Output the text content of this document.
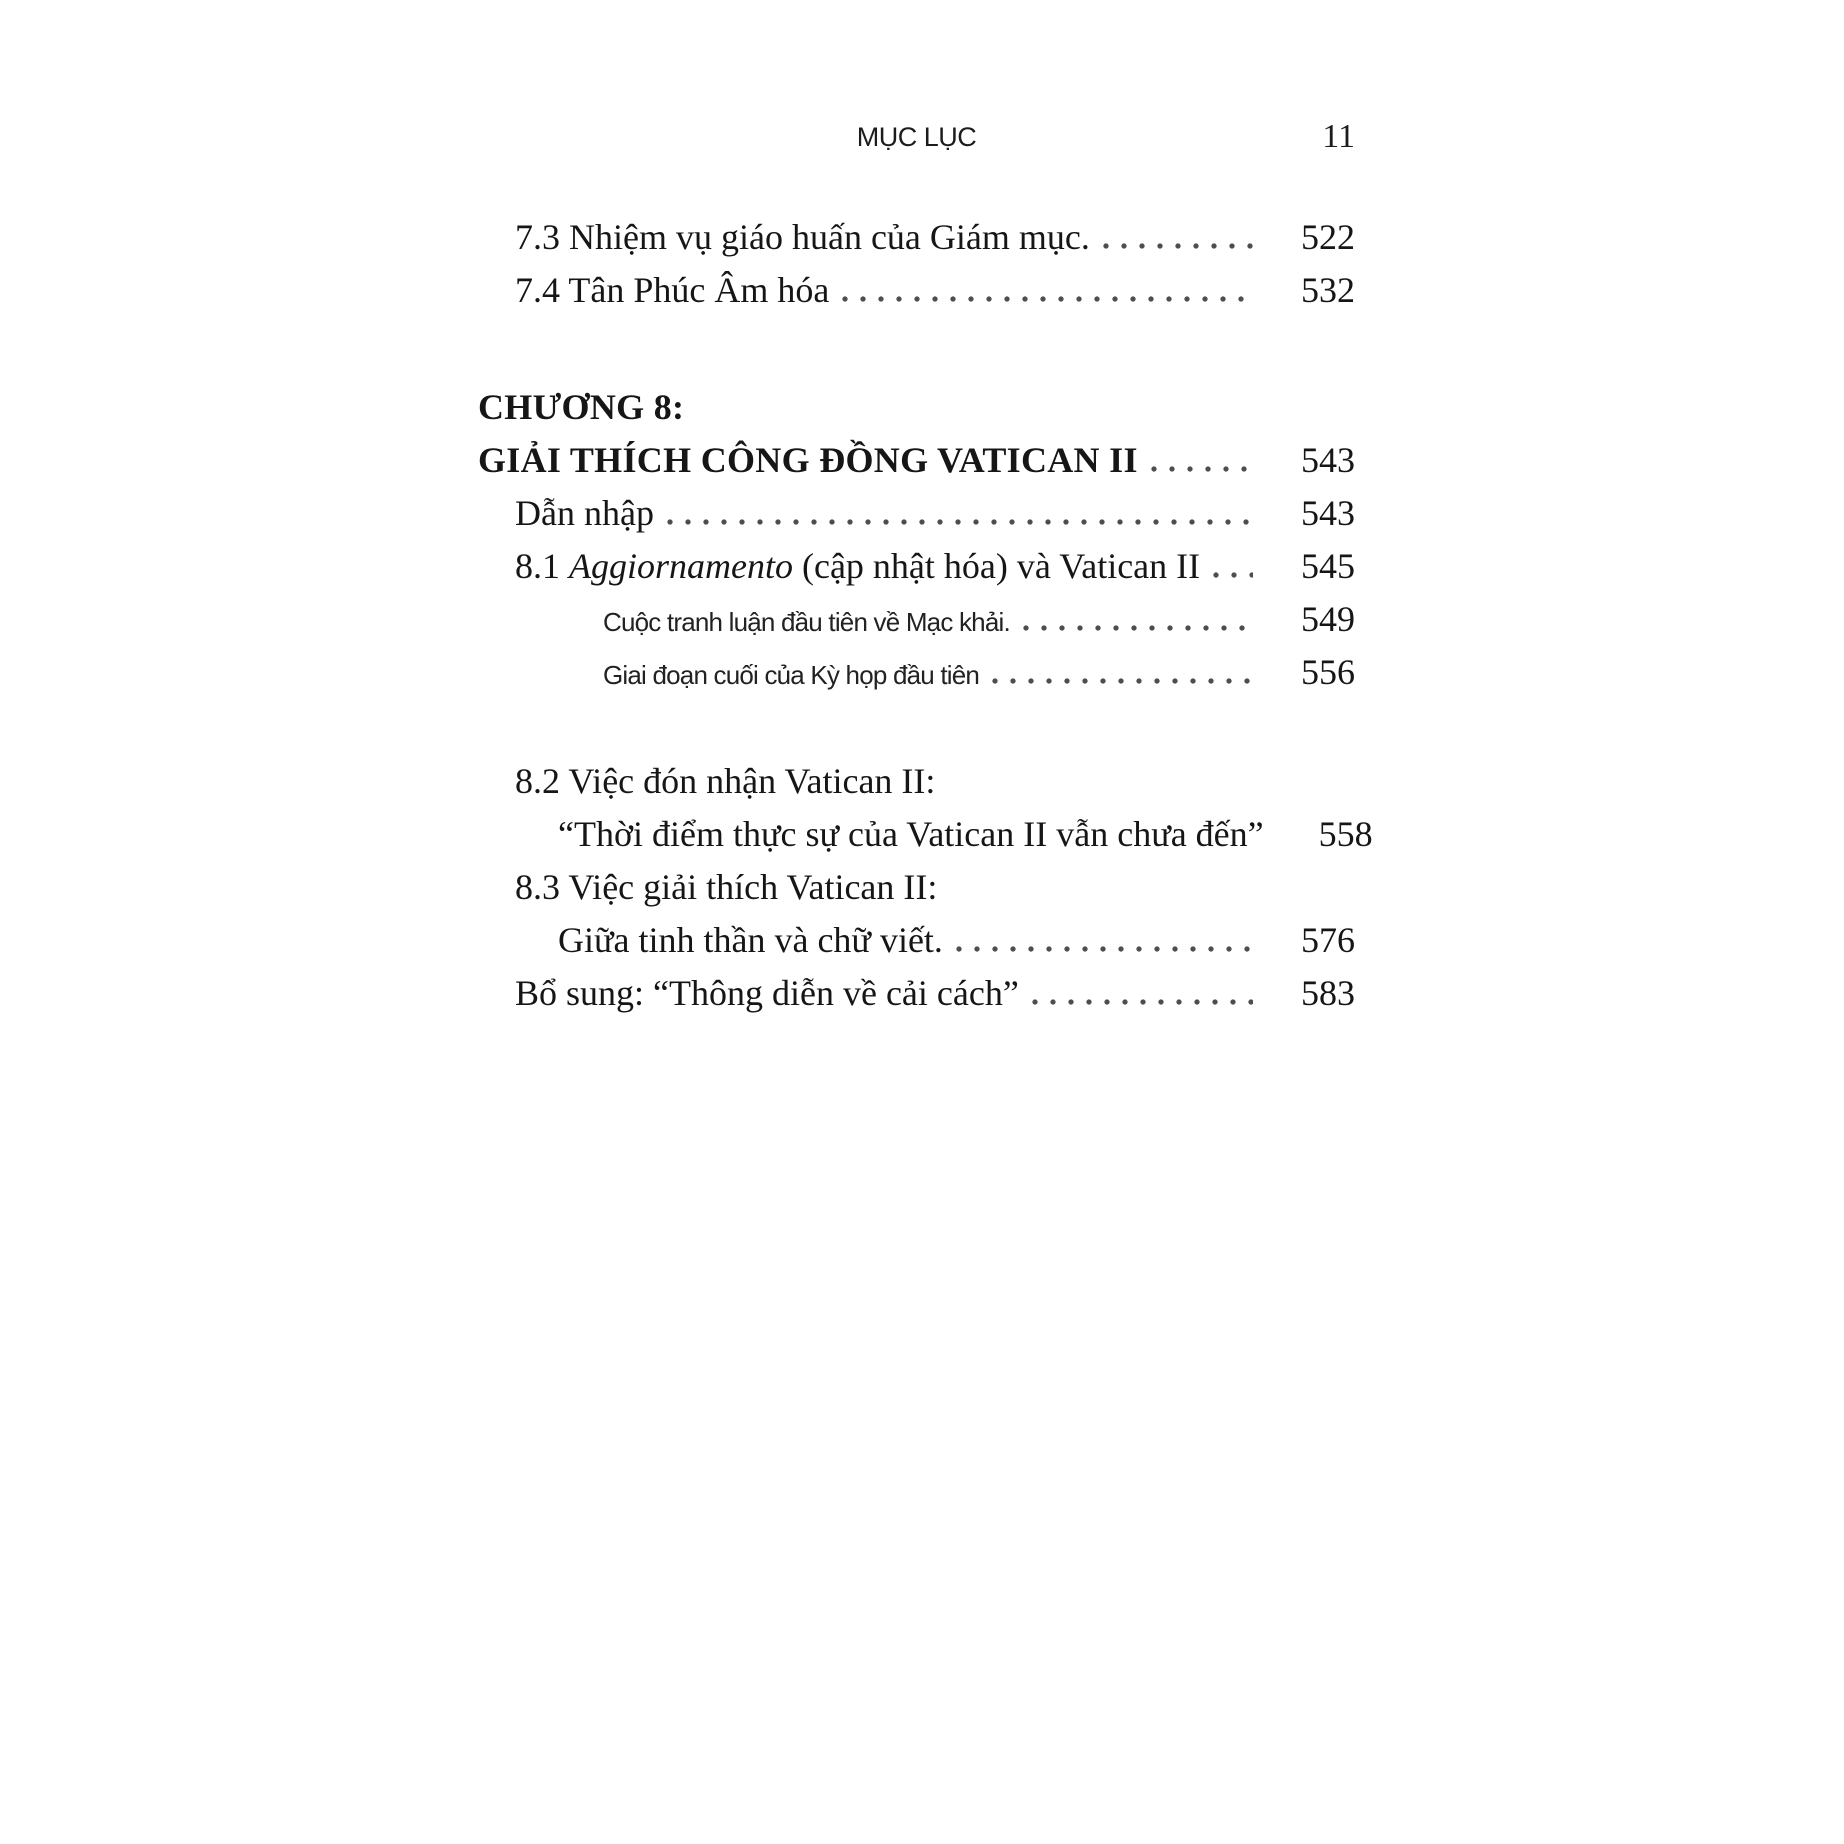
MỤC LỤC	11
7.3 Nhiệm vụ giáo huấn của Giám mục.	522
7.4 Tân Phúc Âm hóa	532
CHƯƠNG 8:
GIẢI THÍCH CÔNG ĐỒNG VATICAN II	543
Dẫn nhập	543
8.1 Aggiornamento (cập nhật hóa) và Vatican II	545
Cuộc tranh luận đầu tiên về Mạc khải.	549
Giai đoạn cuối của Kỳ họp đầu tiên	556
8.2 Việc đón nhận Vatican II:
“Thời điểm thực sự của Vatican II vẫn chưa đến”	558
8.3 Việc giải thích Vatican II:
Giữa tinh thần và chữ viết.	576
Bổ sung: “Thông diễn về cải cách”	583
